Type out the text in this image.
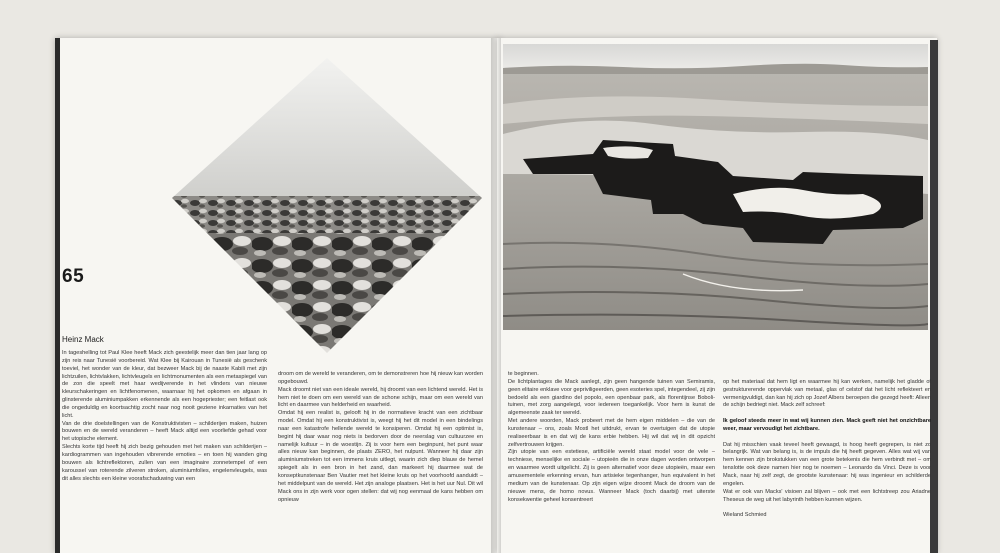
65
Heinz Mack
In tageshelling tot Paul Klee heeft Mack zich geestelijk meer dan tien jaar lang op zijn reis naar Tunesië voorbereid. Wat Klee bij Kairouan in Tunesië als geschenk toeviel, het wonder van de kleur, dat bezweer Mack bij de naaste Kabili met zijn lichtzuilen, lichtvlakken, lichtvleugels en lichtmonumenten als een metaspiegel van de zon die speelt met haar wedijverende in het vlinders van nieuwe kleurschakeringen en lichtfenomenen, waarnaar hij het opkomen en afgaan in glinsterende aluminiumpakken erkennende als een hogepriester; een feitlast ook die ongeduldig en koortsachtig zocht naar nog nooit geziene inkarnaties van het licht.
Van de drie doelstellingen van de Konstruktivisten – schilderijen maken, huizen bouwen en de wereld veranderen – heeft Mack altijd een voorliefde gehad voor het utopische element.
Slechts korte tijd heeft hij zich bezig gehouden met het maken van schilderijen – kardiogrammen van ingehouden vibrerende emoties – en toen hij wanden ging bouwen als lichtreflektoren, zullen van een imaginaire zonnetempel of een karoussel van roterende zilveren stroken, aluminiumfolies, engelenvleugels, was dit alles slechts een kleine voorafschaduwing van een
droom om de wereld te veranderen, om te demonstreren hoe hij nieuw kan worden opgebouwd.
Mack droomt niet van een ideale wereld, hij droomt van een lichtend wereld. Het is hem niet te doen om een wereld van de schone schijn, maar om een wereld van licht en daarmee van helderheid en waarheid.
Omdat hij een realist is, gelooft hij in de normatieve kracht van een zichtbaar model. Omdat hij een konstruktivist is, weegt hij het dit model in een bindelings naar een katastrofe hellende wereld te konsiperen. Omdat hij een optimist is, begint hij daar waar nog niets is bedorven door de neerslag van cultuurzee en namelijk kultuur – in de woestijn. Zij is voor hem een beginpunt, het punt waar alles nieuw kan beginnen, de plaats ZERO, het nulpunt. Wanneer hij daar zijn aluminiumstreken tot een immens kruis uitlegt, waarin zich diep blauw de hemel spiegelt als in een bron in het zand, dan markeert hij daarmee wat de konseptkunstenaar Ben Vautier met het kleine kruis op het voorhoofd aanduidt – het middelpunt van de wereld. Het zijn analoge plaatsen. Het is het uur Nul. Dit wil Mack ons in zijn werk voor ogen stellen: dat wij nog eenmaal de kans hebben om opnieuw
te beginnen.
De lichtplantages die Mack aanlegt, zijn geen hangende tuinen van Semiramis, geen elitaire enklave voor gepriviligeerden, geen esoteries spel, integendeel, zij zijn bedoeld als een giardino del popolo, een openbaar park, als florentijnse Boboli-tuinen, met zorg aangelegd, voor iedereen toegankelijk. Voor hem is kunst de algemeenste zaak ter wereld.
Met andere woorden, Mack probeert met de hem eigen middelen – die van de kunstenaar – ons, zoals Mostl het uitdrukt, ervan te overtuigen dat de utopie realiseerbaar is en dat wij de kans erbie hebben. Hij wil dat wij in dit opzicht zelfvertrouwen krijgen.
Zijn utopie van een estetiese, artificiële wereld staat model voor de vele – techniese, menselijke en sociale – utopieën die in onze dagen worden ontworpen en waarmee wordt uitgelicht. Zij is geen alternatief voor deze utopieën, maar een amusementele erkenning ervan, hun artisieke tegenhanger, hun equivalent in het medium van de kunstenaar. Op zijn eigen wijze droomt Mack de droom van de nieuwe mens, de homo novus. Wanneer Mack (toch daarbij) met uiterste konsekwentie geheel konsentreert

op het materiaal dat hem ligt en waarmee hij kan werken, namelijk het gladde of gestrukturerende oppervlak van metaal, glas of celstof dat het licht reflekteert en vermenigvuldigt, dan kan hij zich op Jozef Albers beroepen die gezegd heeft: Alleen de schijn bedriegt niet. Mack zelf schreef:

Ik geloof steeds meer in wat wij kunnen zien. Mack geeft niet het onzichtbare weer, maar vervoudigt het zichtbare.

Dat hij misschien vaak teveel heeft gewaagd, is hoog heeft gegrepen, is niet zo belangrijk. Wat van belang is, is de impuls die hij heeft gegeven. Alles wat wij van hem kennen zijn brokstukken van een grote betekenis die hem verbindt met – om tenslotte ook deze namen hier nog te noemen – Leonardo da Vinci. Deze is voor Mack, naar hij zelf zegt, de grootste kunstenaar: hij was ingenieur en schilderde engelen.
Wat er ook van Macks' visioen zal blijven – ook met een lichtstreep zou Ariadne Theseus de weg uit het labyrinth hebben kunnen wijzen.

Wieland Schmied
